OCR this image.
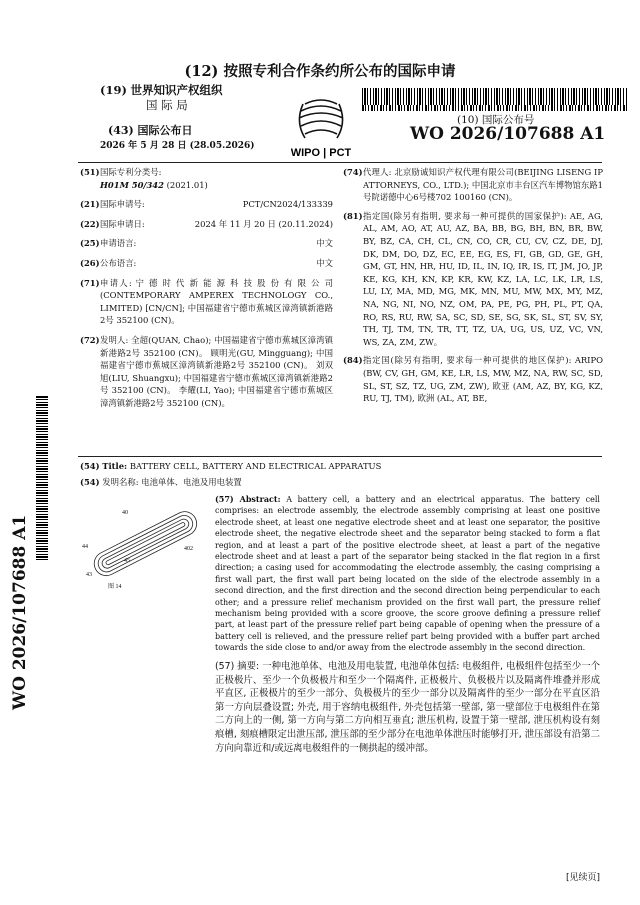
(12) 按照专利合作条约所公布的国际申请
(19) 世界知识产权组织
国 际 局
(43) 国际公布日
2026 年 5 月 28 日 (28.05.2026)
WIPO | PCT
(10) 国际公布号
WO 2026/107688 A1
WO 2026/107688 A1
(51) 国际专利分类号:
H01M 50/342 (2021.01)
(21) 国际申请号:	PCT/CN2024/133339
(22) 国际申请日:	2024 年 11 月 20 日 (20.11.2024)
(25) 申请语言:	中文
(26) 公布语言:	中文
(71) 申请人: 宁 德 时 代 新 能 源 科 技 股 份 有 限 公 司 (CONTEMPORARY AMPEREX TECHNOLOGY CO., LIMITED) [CN/CN]; 中国福建省宁德市蕉城区漳湾镇新港路2号 352100 (CN)。
(72) 发明人: 全超(QUAN, Chao); 中国福建省宁德市蕉城区漳湾镇新港路2号 352100 (CN)。 顾明光(GU, Mingguang); 中国福建省宁德市蕉城区漳湾镇新港路2号 352100 (CN)。 刘双旭(LIU, Shuangxu); 中国福建省宁德市蕉城区漳湾镇新港路2号 352100 (CN)。 李耀(LI, Yao); 中国福建省宁德市蕉城区漳湾镇新港路2号 352100 (CN)。
(74) 代理人: 北京励诚知识产权代理有限公司(BEIJING LISENG IP ATTORNEYS, CO., LTD.); 中国北京市丰台区汽车博物馆东路1号院诺德中心6号楼702 100160 (CN)。
(81) 指定国(除另有指明, 要求每一种可提供的国家保护): AE, AG, AL, AM, AO, AT, AU, AZ, BA, BB, BG, BH, BN, BR, BW, BY, BZ, CA, CH, CL, CN, CO, CR, CU, CV, CZ, DE, DJ, DK, DM, DO, DZ, EC, EE, EG, ES, FI, GB, GD, GE, GH, GM, GT, HN, HR, HU, ID, IL, IN, IQ, IR, IS, IT, JM, JO, JP, KE, KG, KH, KN, KP, KR, KW, KZ, LA, LC, LK, LR, LS, LU, LY, MA, MD, MG, MK, MN, MU, MW, MX, MY, MZ, NA, NG, NI, NO, NZ, OM, PA, PE, PG, PH, PL, PT, QA, RO, RS, RU, RW, SA, SC, SD, SE, SG, SK, SL, ST, SV, SY, TH, TJ, TM, TN, TR, TT, TZ, UA, UG, US, UZ, VC, VN, WS, ZA, ZM, ZW。
(84) 指定国(除另有指明, 要求每一种可提供的地区保护): ARIPO (BW, CV, GH, GM, KE, LR, LS, MW, MZ, NA, RW, SC, SD, SL, ST, SZ, TZ, UG, ZM, ZW), 欧亚 (AM, AZ, BY, KG, KZ, RU, TJ, TM), 欧洲 (AL, AT, BE,
(54) Title: BATTERY CELL, BATTERY AND ELECTRICAL APPARATUS
(54) 发明名称: 电池单体、电池及用电装置
40
44
43
45
402
图 14
(57) Abstract: A battery cell, a battery and an electrical apparatus. The battery cell comprises: an electrode assembly, the electrode assembly comprising at least one positive electrode sheet, at least one negative electrode sheet and at least one separator, the positive electrode sheet, the negative electrode sheet and the separator being stacked to form a flat region, and at least a part of the positive electrode sheet, at least a part of the negative electrode sheet and at least a part of the separator being stacked in the flat region in a first direction; a casing used for accommodating the electrode assembly, the casing comprising a first wall part, the first wall part being located on the side of the electrode assembly in a second direction, and the first direction and the second direction being perpendicular to each other; and a pressure relief mechanism provided on the first wall part, the pressure relief mechanism being provided with a score groove, the score groove defining a pressure relief part, at least part of the pressure relief part being capable of opening when the pressure of a battery cell is relieved, and the pressure relief part being provided with a buffer part arched towards the side close to and/or away from the electrode assembly in the second direction.
(57) 摘要: 一种电池单体、电池及用电装置, 电池单体包括: 电极组件, 电极组件包括至少一个正极极片、至少一个负极极片和至少一个隔离件, 正极极片、负极极片以及隔离件堆叠并形成平直区, 正极极片的至少一部分、负极极片的至少一部分以及隔离件的至少一部分在平直区沿第一方向层叠设置; 外壳, 用于容纳电极组件, 外壳包括第一壁部, 第一壁部位于电极组件在第二方向上的一侧, 第一方向与第二方向相互垂直; 泄压机构, 设置于第一壁部, 泄压机构设有刻痕槽, 刻痕槽限定出泄压部, 泄压部的至少部分在电池单体泄压时能够打开, 泄压部设有沿第二方向向靠近和/或远离电极组件的一侧拱起的缓冲部。
[见续页]
